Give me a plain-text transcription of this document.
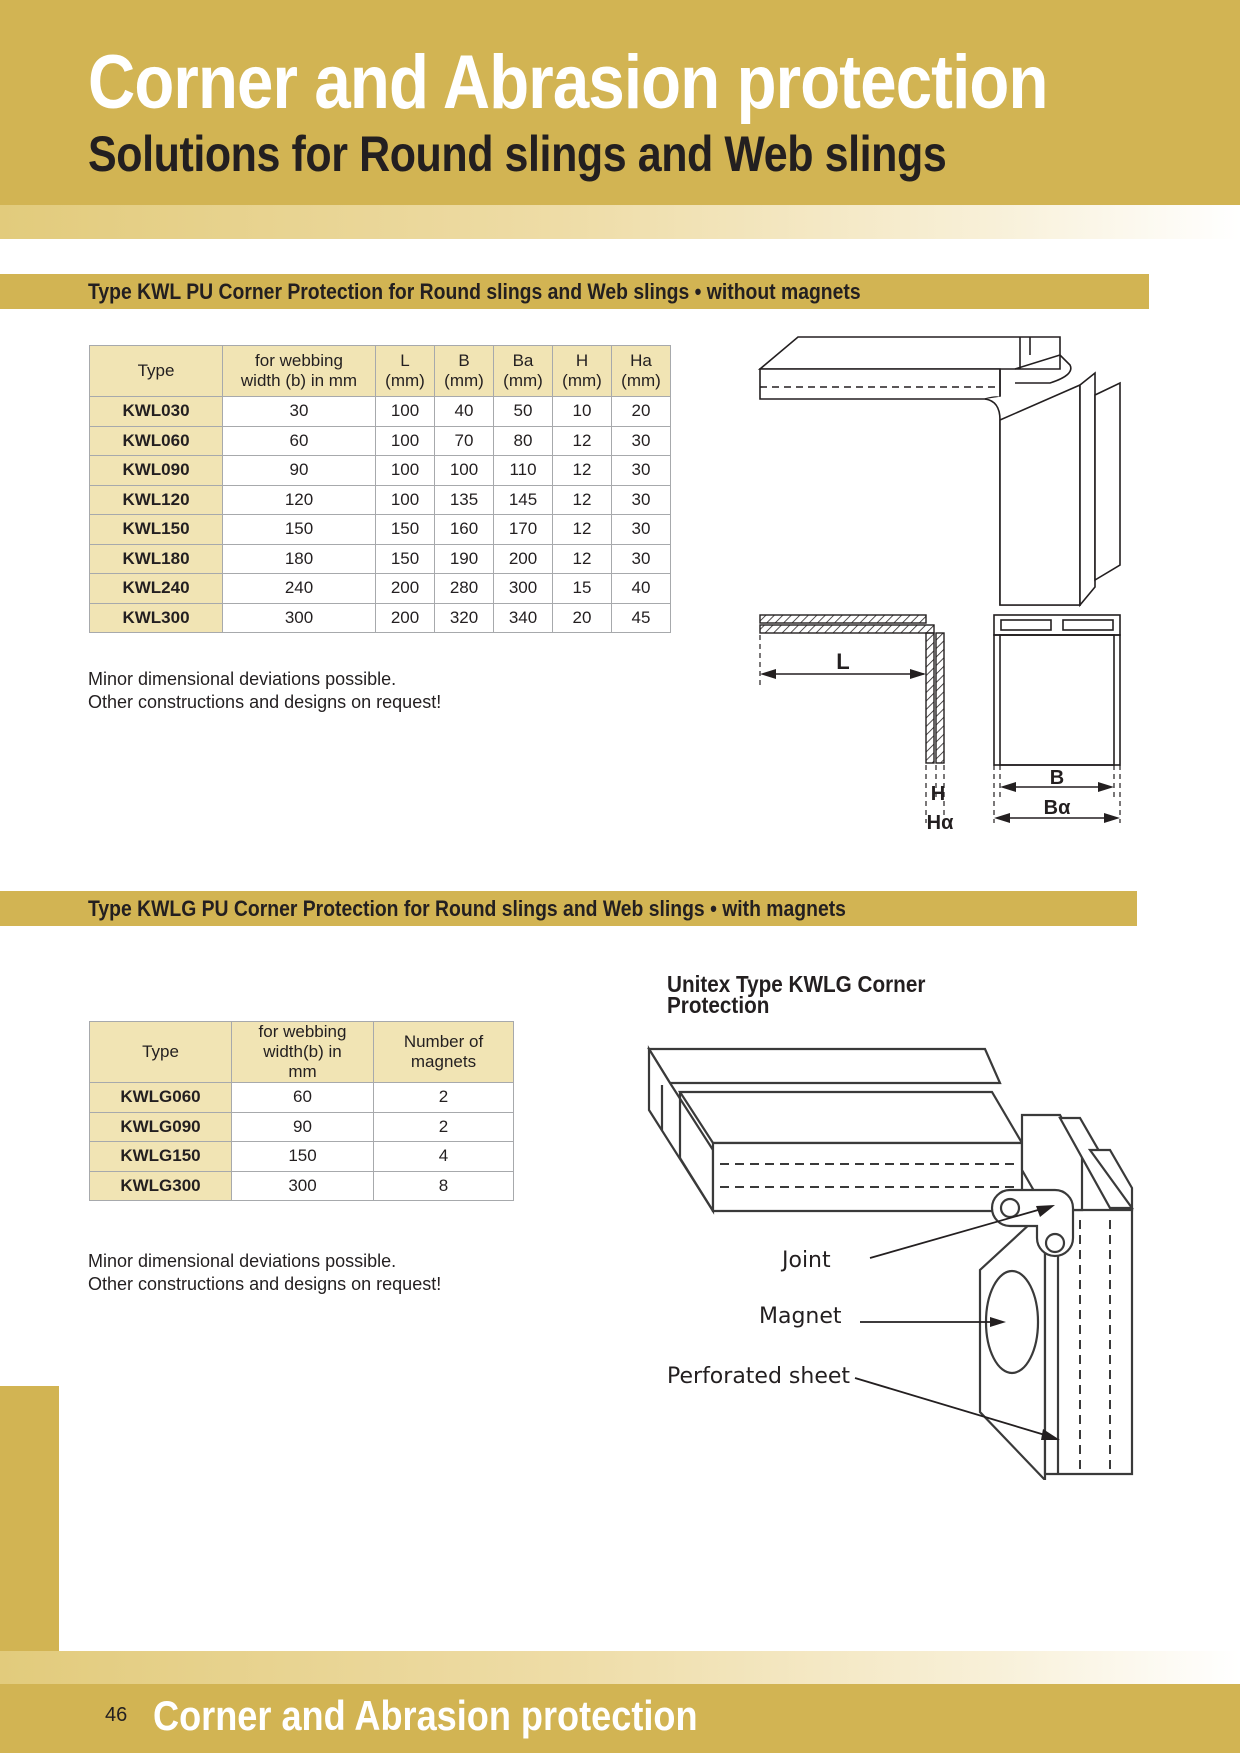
Corner and Abrasion protection
Solutions for Round slings and Web slings
Type KWL PU Corner Protection for Round slings and Web slings • without magnets
Type	for webbing width (b) in mm	L (mm)	B (mm)	Ba (mm)	H (mm)	Ha (mm)
KWL030	30	100	40	50	10	20
KWL060	60	100	70	80	12	30
KWL090	90	100	100	110	12	30
KWL120	120	100	135	145	12	30
KWL150	150	150	160	170	12	30
KWL180	180	150	190	200	12	30
KWL240	240	200	280	300	15	40
KWL300	300	200	320	340	20	45
Minor dimensional deviations possible.
Other constructions and designs on request!
L
H
Hα
B
Bα
Type KWLG PU Corner Protection for Round slings and Web slings • with magnets
Type	for webbing width(b) in mm	Number of magnets
KWLG060	60	2
KWLG090	90	2
KWLG150	150	4
KWLG300	300	8
Minor dimensional deviations possible.
Other constructions and designs on request!
Unitex Type KWLG Corner
Protection
Joint
Magnet
Perforated sheet
46 Corner and Abrasion protection
